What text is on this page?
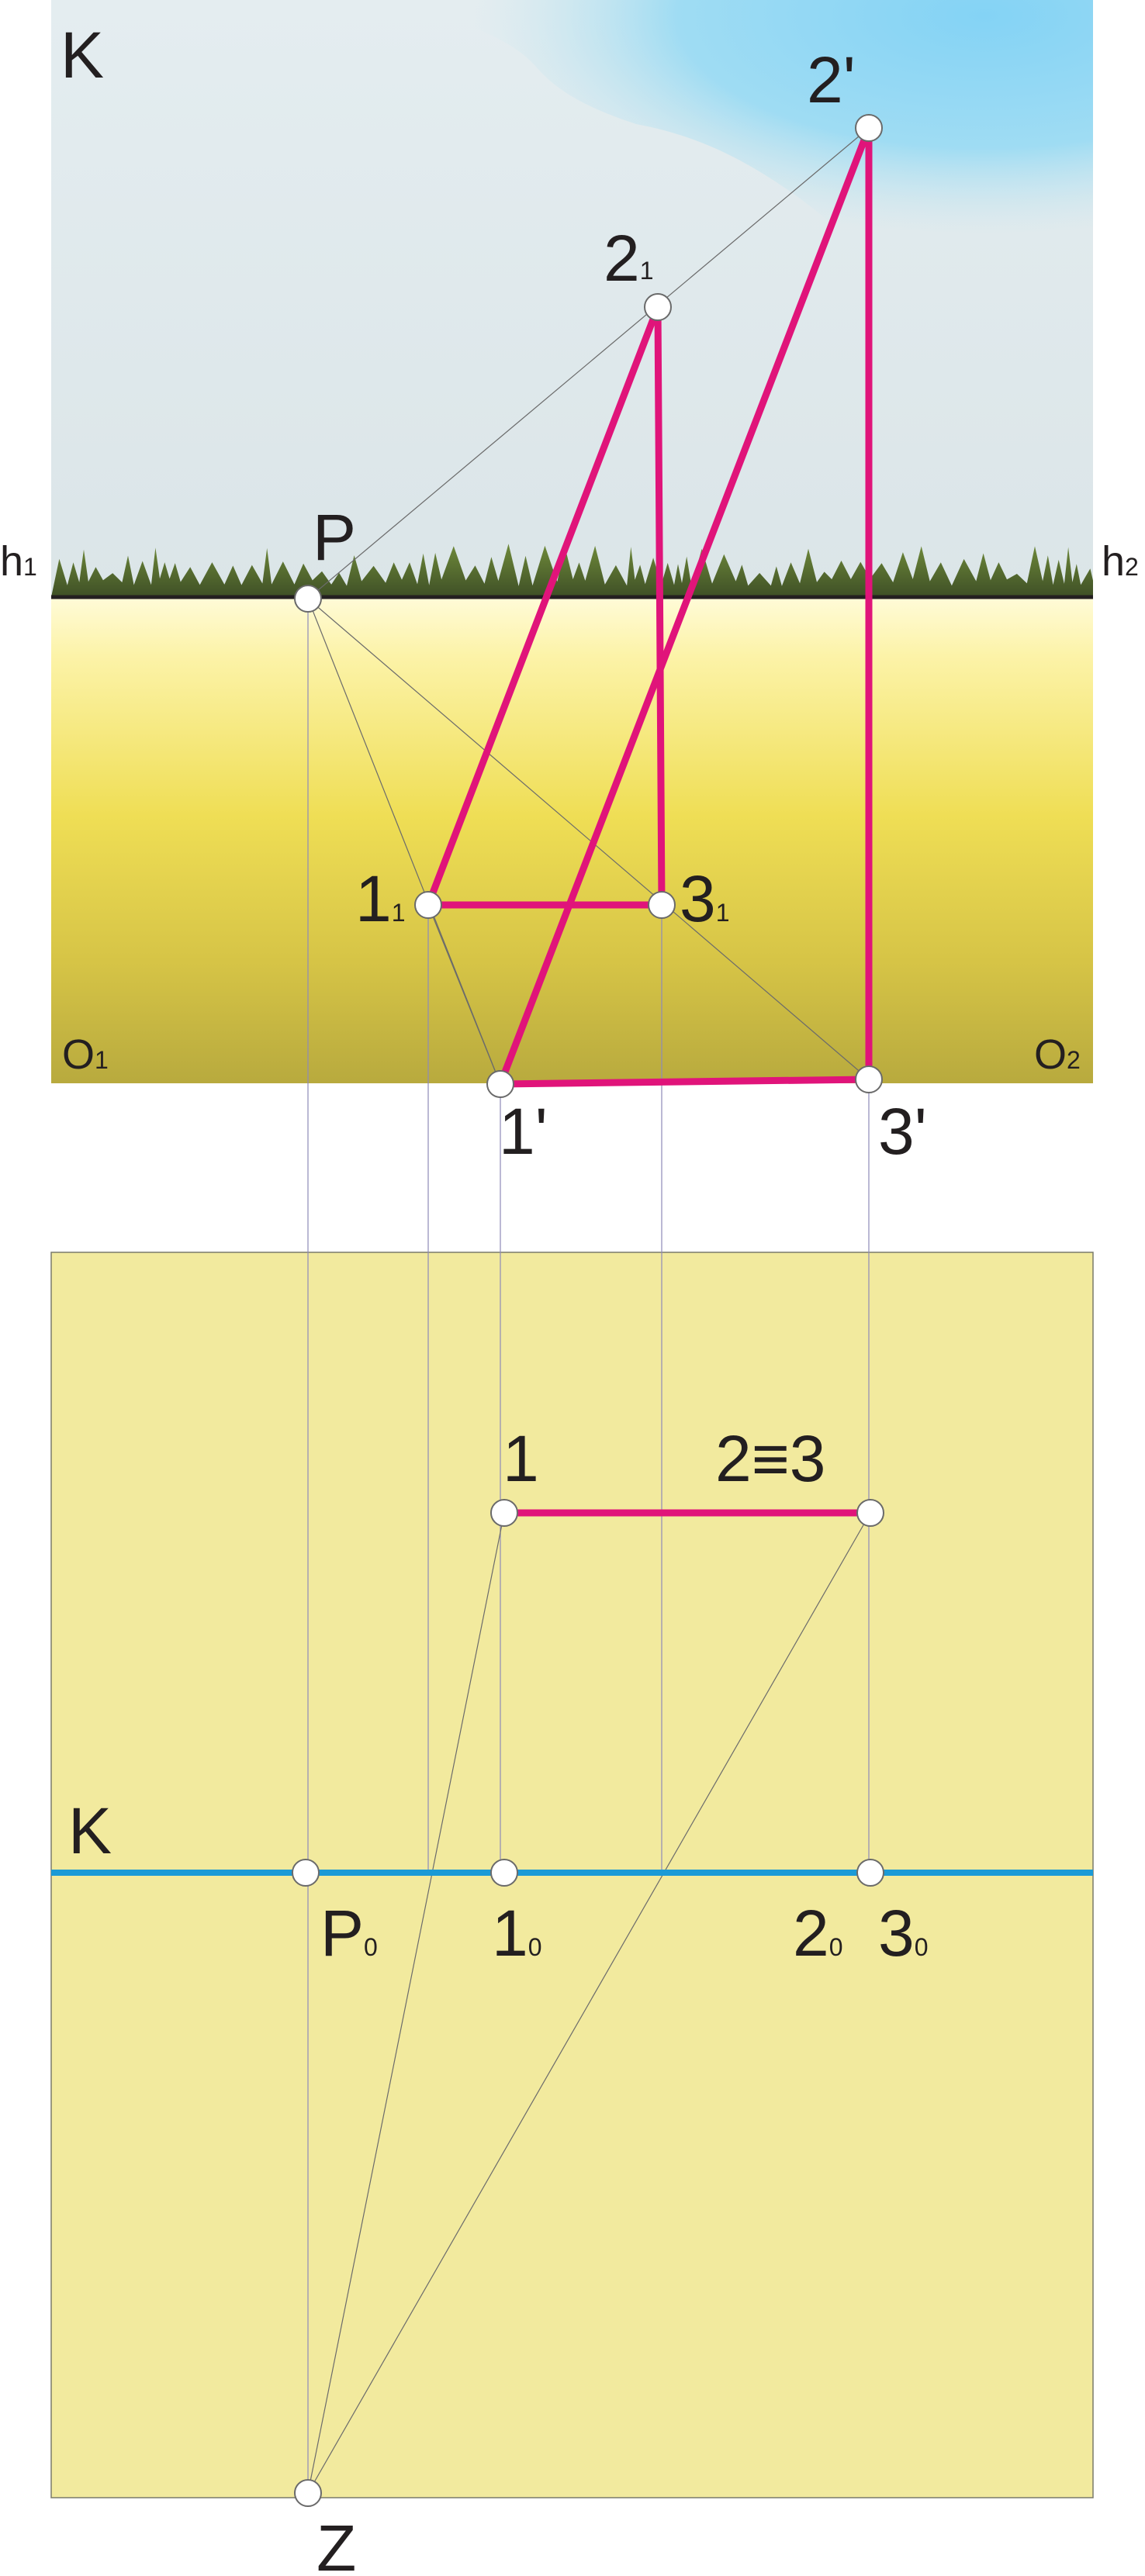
K	2'
21
P
h1	h2
11	31
O1	O2
1'	3'
1	2≡3
K
P0 10	20 30
Z
